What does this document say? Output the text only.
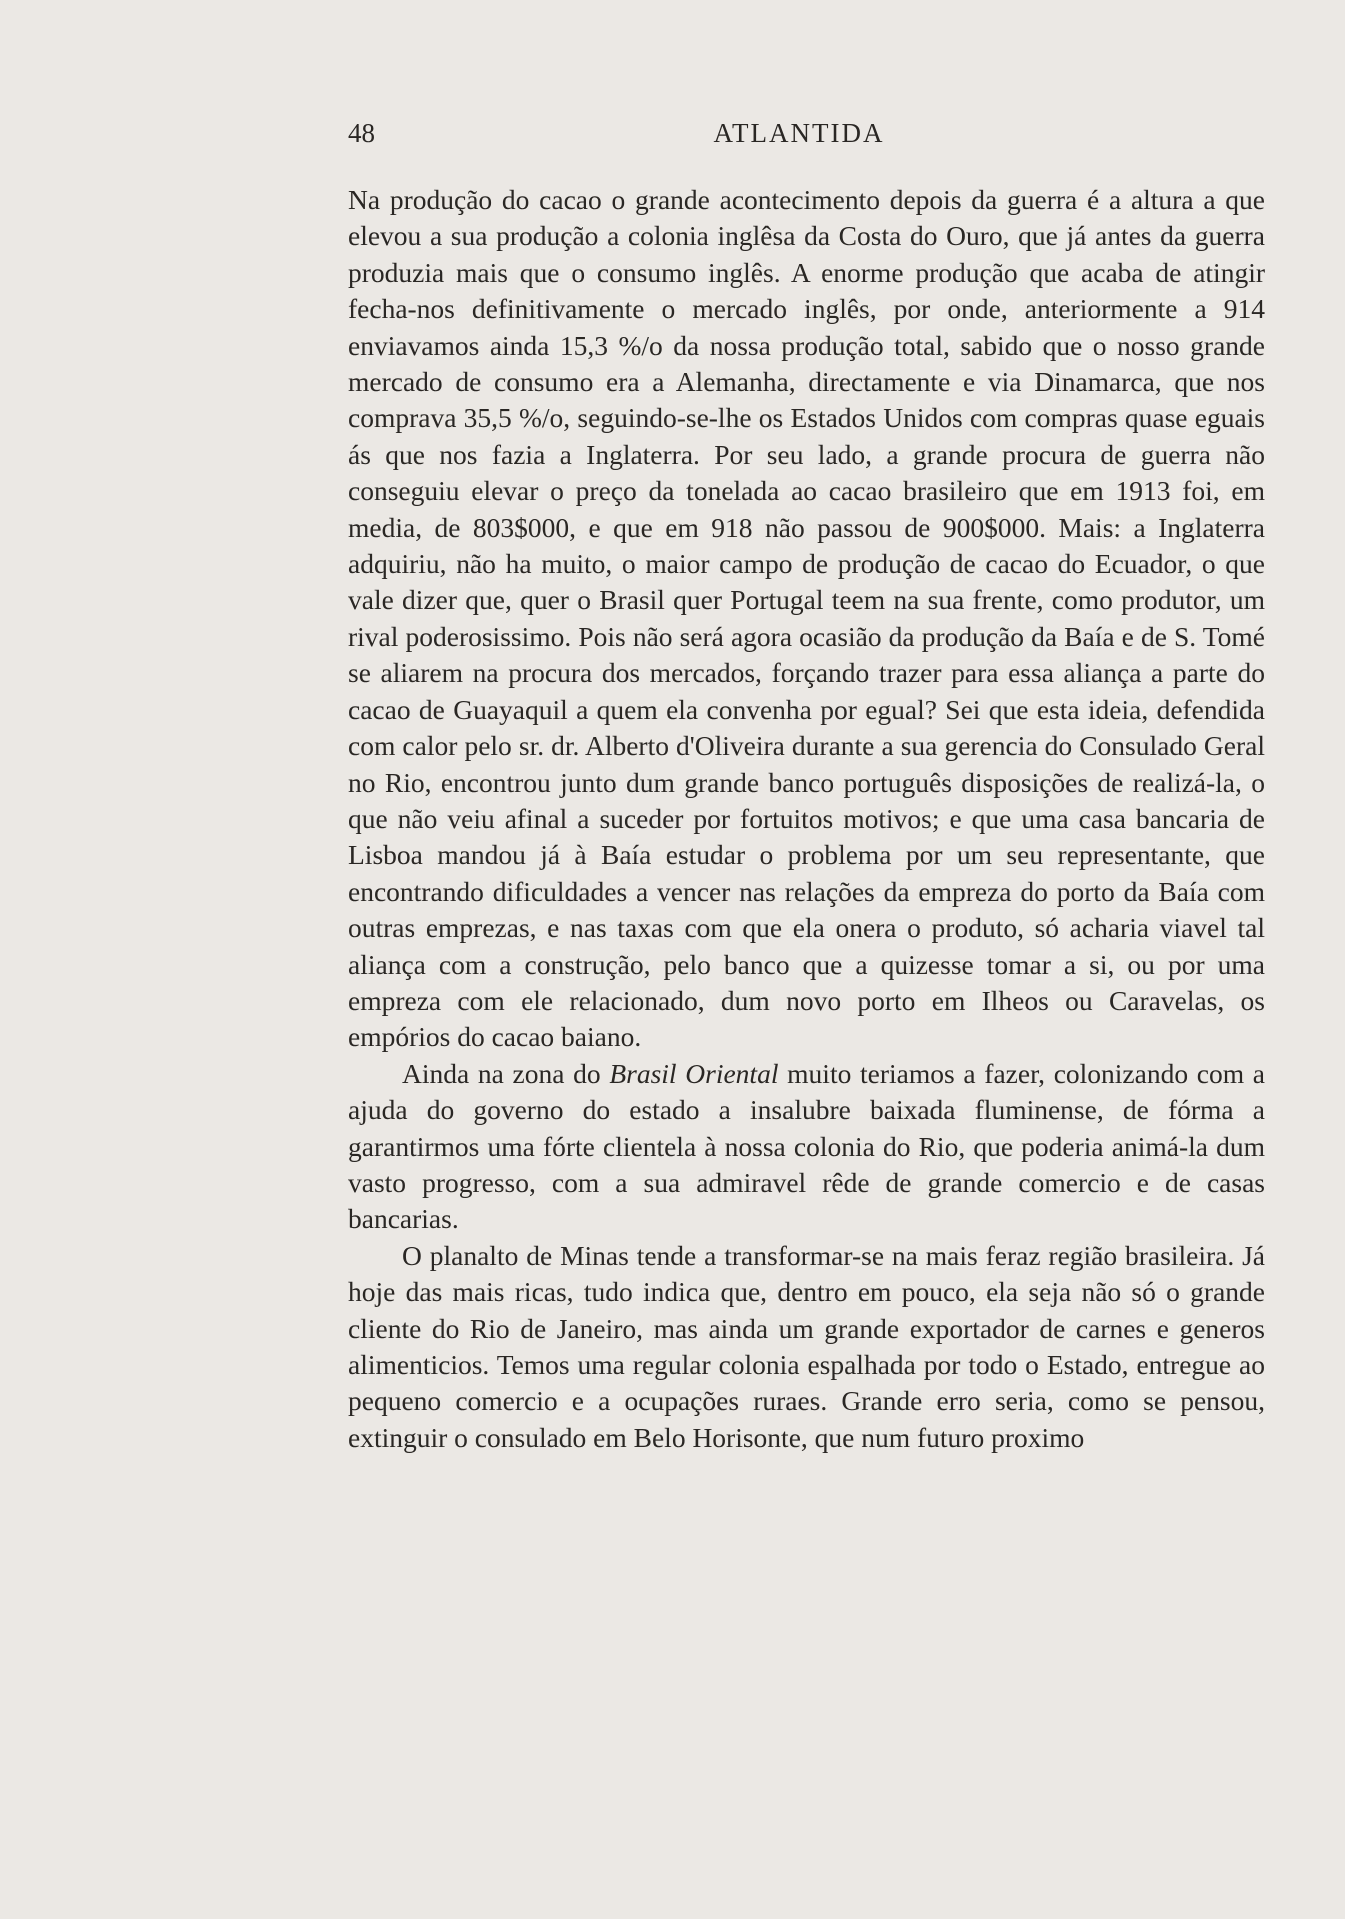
48	ATLANTIDA

Na produção do cacao o grande acontecimento depois da guerra é a altura a que elevou a sua produção a colonia inglêsa da Costa do Ouro, que já antes da guerra produzia mais que o consumo inglês. A enorme produção que acaba de atingir fecha-nos definitivamente o mercado inglês, por onde, anteriormente a 914 enviavamos ainda 15,3 %/o da nossa produção total, sabido que o nosso grande mercado de consumo era a Alemanha, directamente e via Dinamarca, que nos comprava 35,5 %/o, seguindo-se-lhe os Estados Unidos com compras quase eguais ás que nos fazia a Inglaterra. Por seu lado, a grande procura de guerra não conseguiu elevar o preço da tonelada ao cacao brasileiro que em 1913 foi, em media, de 803$000, e que em 918 não passou de 900$000. Mais: a Inglaterra adquiriu, não ha muito, o maior campo de produção de cacao do Ecuador, o que vale dizer que, quer o Brasil quer Portugal teem na sua frente, como produtor, um rival poderosissimo. Pois não será agora ocasião da produção da Baía e de S. Tomé se aliarem na procura dos mercados, forçando trazer para essa aliança a parte do cacao de Guayaquil a quem ela convenha por egual? Sei que esta ideia, defendida com calor pelo sr. dr. Alberto d'Oliveira durante a sua gerencia do Consulado Geral no Rio, encontrou junto dum grande banco português disposições de realizá-la, o que não veiu afinal a suceder por fortuitos motivos; e que uma casa bancaria de Lisboa mandou já à Baía estudar o problema por um seu representante, que encontrando dificuldades a vencer nas relações da empreza do porto da Baía com outras emprezas, e nas taxas com que ela onera o produto, só acharia viavel tal aliança com a construção, pelo banco que a quizesse tomar a si, ou por uma empreza com ele relacionado, dum novo porto em Ilheos ou Caravelas, os empórios do cacao baiano.

Ainda na zona do Brasil Oriental muito teriamos a fazer, colonizando com a ajuda do governo do estado a insalubre baixada fluminense, de fórma a garantirmos uma fórte clientela à nossa colonia do Rio, que poderia animá-la dum vasto progresso, com a sua admiravel rêde de grande comercio e de casas bancarias.

O planalto de Minas tende a transformar-se na mais feraz região brasileira. Já hoje das mais ricas, tudo indica que, dentro em pouco, ela seja não só o grande cliente do Rio de Janeiro, mas ainda um grande exportador de carnes e generos alimenticios. Temos uma regular colonia espalhada por todo o Estado, entregue ao pequeno comercio e a ocupações ruraes. Grande erro seria, como se pensou, extinguir o consulado em Belo Horisonte, que num futuro proximo
